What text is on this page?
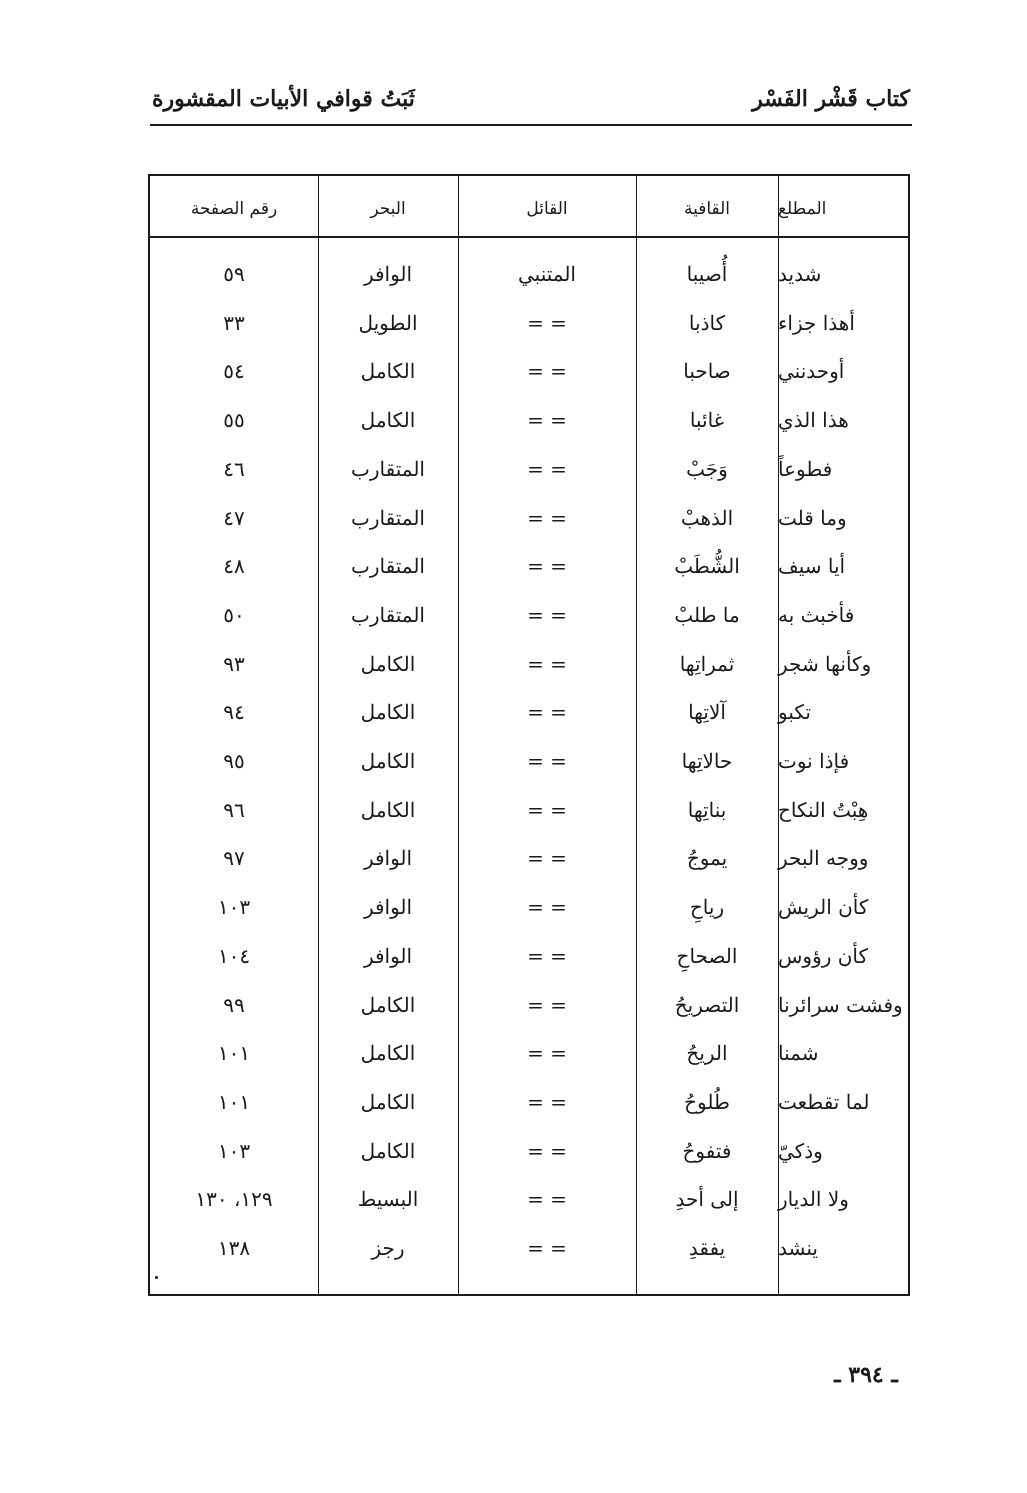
كتاب قَشْر الفَسْر
ثَبَتُ قوافي الأبيات المقشورة
المطلع
القافية
القائل
البحر
رقم الصفحة
شديد
أُصيبا
المتنبي
الوافر
٥٩
أهذا جزاء
كاذبا
= =
الطويل
٣٣
أوحدنني
صاحبا
= =
الكامل
٥٤
هذا الذي
غائبا
= =
الكامل
٥٥
فطوعاً
وَجَبْ
= =
المتقارب
٤٦
وما قلت
الذهبْ
= =
المتقارب
٤٧
أيا سيف
الشُّطَبْ
= =
المتقارب
٤٨
فأخبث به
ما طلبْ
= =
المتقارب
٥٠
وكأنها شجر
ثمراتِها
= =
الكامل
٩٣
تكبو
آلاتِها
= =
الكامل
٩٤
فإذا نوت
حالاتِها
= =
الكامل
٩٥
هِبْتُ النكاح
بناتِها
= =
الكامل
٩٦
ووجه البحر
يموجُ
= =
الوافر
٩٧
كأن الريش
رياحِ
= =
الوافر
١٠٣
كأن رؤوس
الصحاحِ
= =
الوافر
١٠٤
وفشت سرائرنا
التصريحُ
= =
الكامل
٩٩
شمنا
الريحُ
= =
الكامل
١٠١
لما تقطعت
طُلوحُ
= =
الكامل
١٠١
وذكيّ
فتفوحُ
= =
الكامل
١٠٣
ولا الديار
إلى أحدِ
= =
البسيط
١٢٩، ١٣٠
ينشد
يفقدِ
= =
رجز
١٣٨
ـ ٣٩٤ ـ
